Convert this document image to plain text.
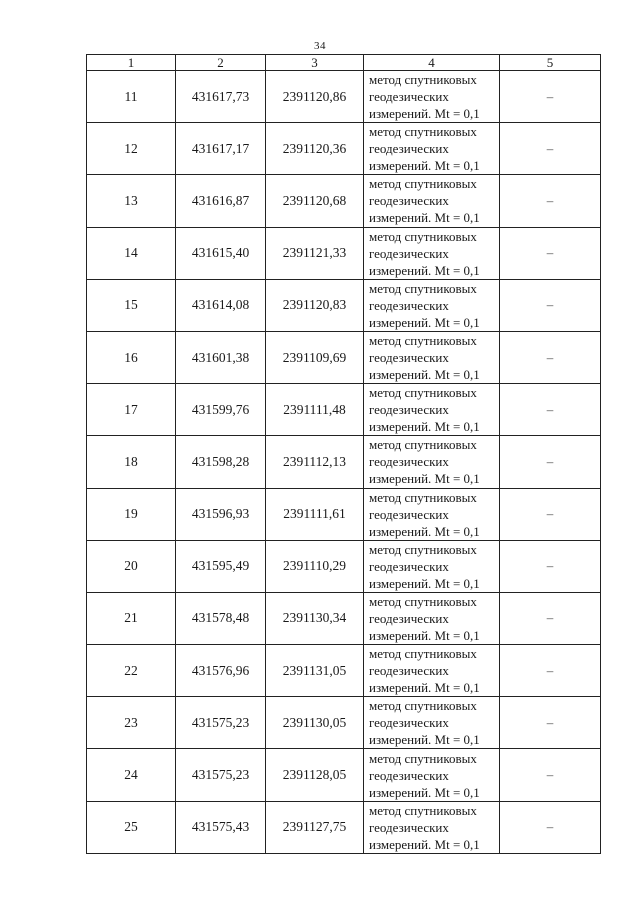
34
1	2	3	4	5
11	431617,73	2391120,86	метод спутниковых
геодезических
измерений. Mt = 0,1	–
12	431617,17	2391120,36	метод спутниковых
геодезических
измерений. Mt = 0,1	–
13	431616,87	2391120,68	метод спутниковых
геодезических
измерений. Mt = 0,1	–
14	431615,40	2391121,33	метод спутниковых
геодезических
измерений. Mt = 0,1	–
15	431614,08	2391120,83	метод спутниковых
геодезических
измерений. Mt = 0,1	–
16	431601,38	2391109,69	метод спутниковых
геодезических
измерений. Mt = 0,1	–
17	431599,76	2391111,48	метод спутниковых
геодезических
измерений. Mt = 0,1	–
18	431598,28	2391112,13	метод спутниковых
геодезических
измерений. Mt = 0,1	–
19	431596,93	2391111,61	метод спутниковых
геодезических
измерений. Mt = 0,1	–
20	431595,49	2391110,29	метод спутниковых
геодезических
измерений. Mt = 0,1	–
21	431578,48	2391130,34	метод спутниковых
геодезических
измерений. Mt = 0,1	–
22	431576,96	2391131,05	метод спутниковых
геодезических
измерений. Mt = 0,1	–
23	431575,23	2391130,05	метод спутниковых
геодезических
измерений. Mt = 0,1	–
24	431575,23	2391128,05	метод спутниковых
геодезических
измерений. Mt = 0,1	–
25	431575,43	2391127,75	метод спутниковых
геодезических
измерений. Mt = 0,1	–
